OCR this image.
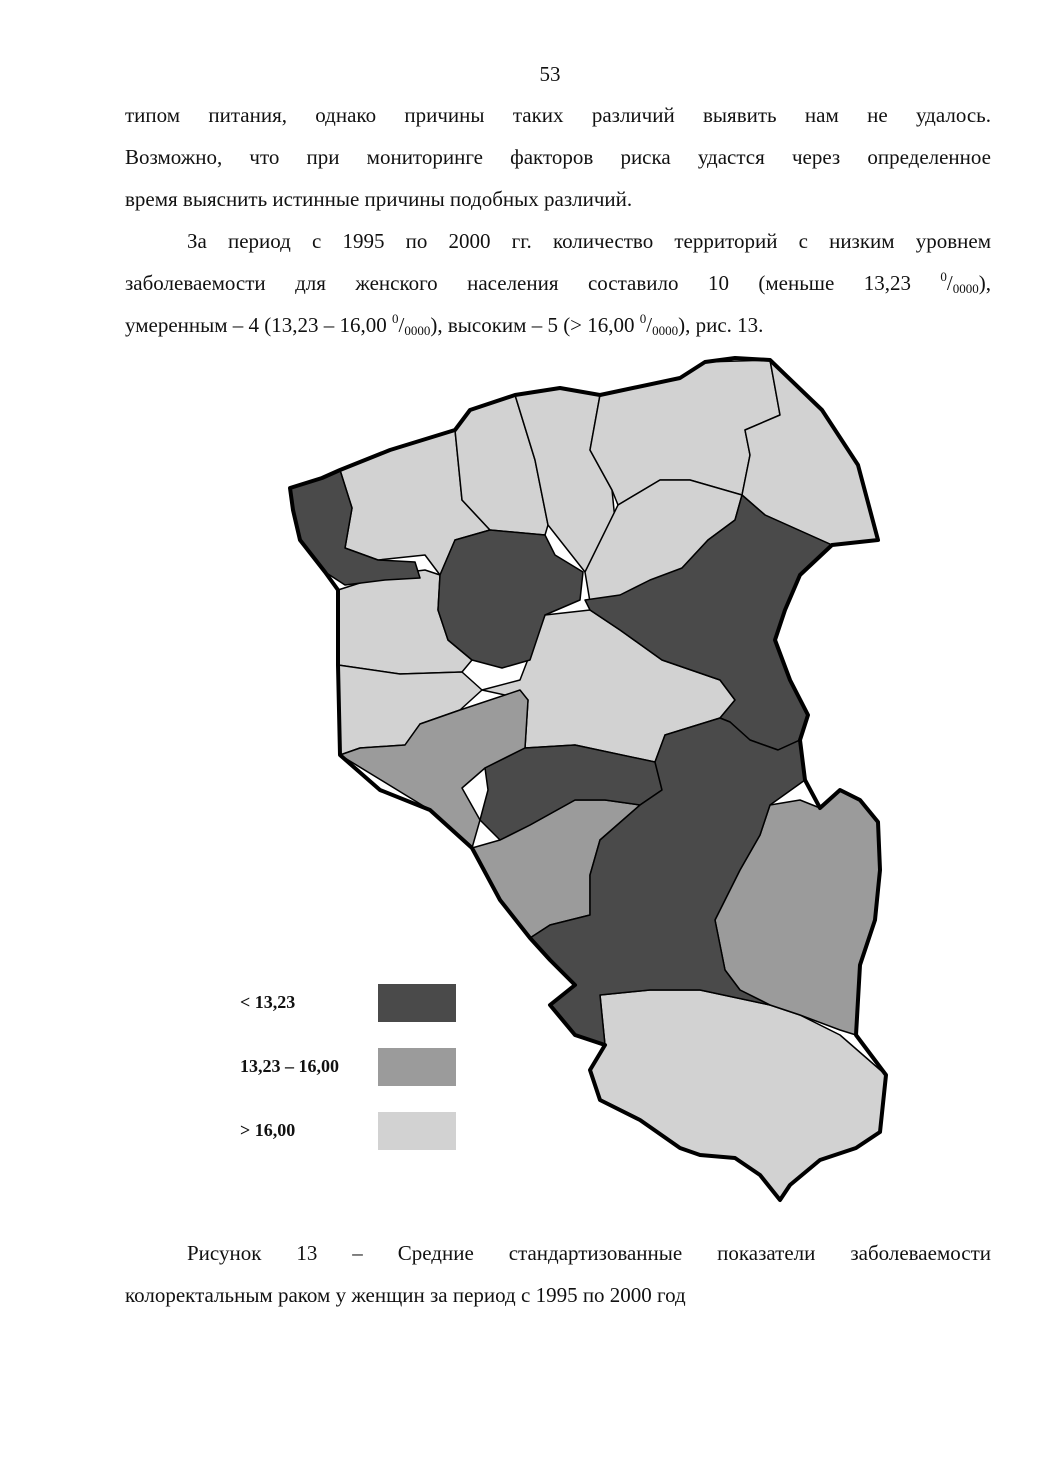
53
типом питания, однако причины таких различий выявить нам не удалось.
Возможно, что при мониторинге факторов риска удастся через определенное
время выяснить истинные причины подобных различий.
За период с 1995 по 2000 гг. количество территорий с низким уровнем
заболеваемости для женского населения составило 10 (меньше 13,23 $^0/_{0000}$),
умеренным – 4 (13,23 – 16,00 $^0/_{0000}$), высоким – 5 (> 16,00 $^0/_{0000}$), рис. 13.
< 13,23
13,23 – 16,00
> 16,00
Рисунок 13 – Средние стандартизованные показатели заболеваемости
колоректальным раком у женщин за период с 1995 по 2000 год
